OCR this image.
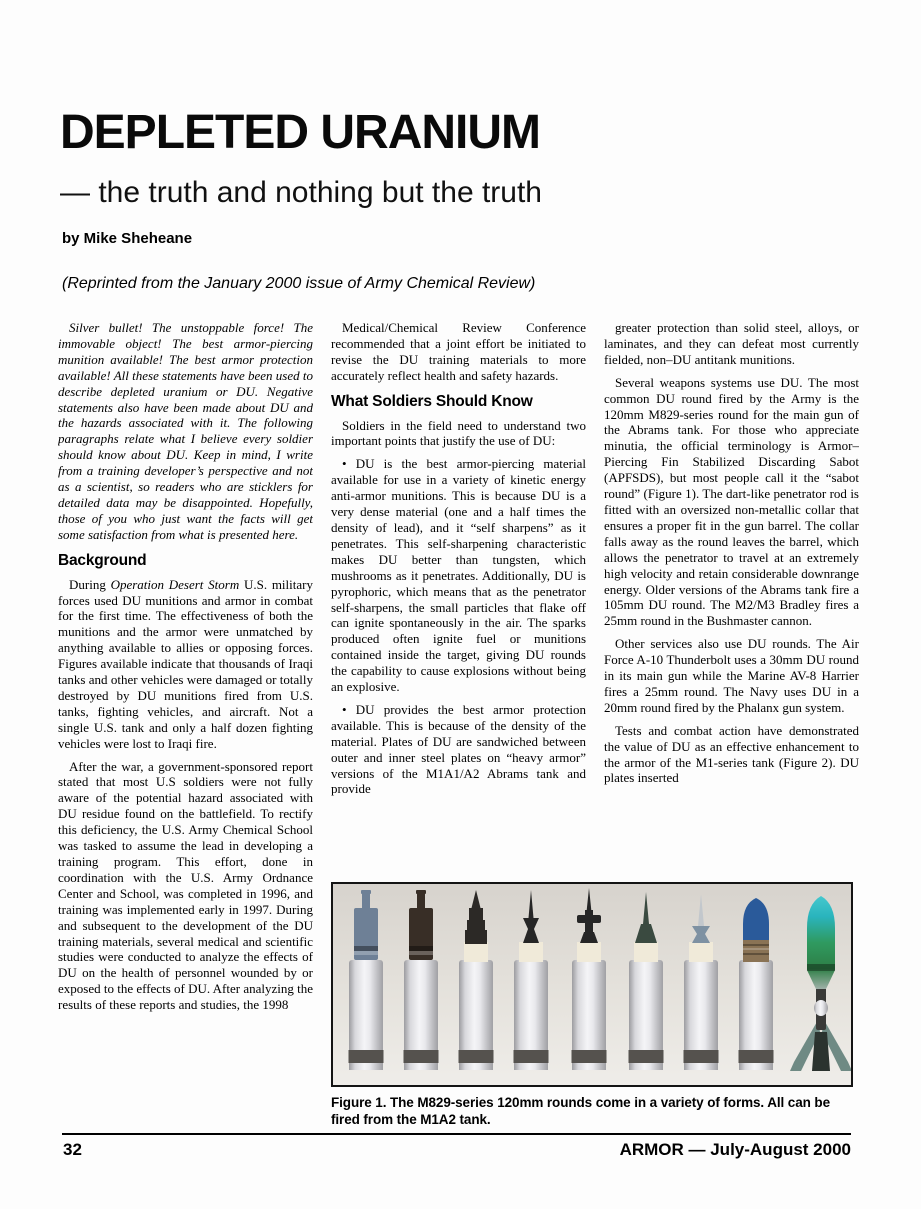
DEPLETED URANIUM
— the truth and nothing but the truth
by Mike Sheheane
(Reprinted from the January 2000 issue of Army Chemical Review)

Silver bullet! The unstoppable force! The immovable object! The best armor-piercing munition available! The best armor protection available! All these statements have been used to describe depleted uranium or DU. Negative statements also have been made about DU and the hazards associated with it. The following paragraphs relate what I believe every soldier should know about DU. Keep in mind, I write from a training developer’s perspective and not as a scientist, so readers who are sticklers for detailed data may be disappointed. Hopefully, those of you who just want the facts will get some satisfaction from what is presented here.

Background

During Operation Desert Storm U.S. military forces used DU munitions and armor in combat for the first time. The effectiveness of both the munitions and the armor were unmatched by anything available to allies or opposing forces. Figures available indicate that thousands of Iraqi tanks and other vehicles were damaged or totally destroyed by DU munitions fired from U.S. tanks, fighting vehicles, and aircraft. Not a single U.S. tank and only a half dozen fighting vehicles were lost to Iraqi fire.

After the war, a government-sponsored report stated that most U.S soldiers were not fully aware of the potential hazard associated with DU residue found on the battlefield. To rectify this deficiency, the U.S. Army Chemical School was tasked to assume the lead in developing a training program. This effort, done in coordination with the U.S. Army Ordnance Center and School, was completed in 1996, and training was implemented early in 1997. During and subsequent to the development of the DU training materials, several medical and scientific studies were conducted to analyze the effects of DU on the health of personnel wounded by or exposed to the effects of DU. After analyzing the results of these reports and studies, the 1998

Medical/Chemical Review Conference recommended that a joint effort be initiated to revise the DU training materials to more accurately reflect health and safety hazards.

What Soldiers Should Know

Soldiers in the field need to understand two important points that justify the use of DU:

• DU is the best armor-piercing material available for use in a variety of kinetic energy anti-armor munitions. This is because DU is a very dense material (one and a half times the density of lead), and it “self sharpens” as it penetrates. This self-sharpening characteristic makes DU better than tungsten, which mushrooms as it penetrates. Additionally, DU is pyrophoric, which means that as the penetrator self-sharpens, the small particles that flake off can ignite spontaneously in the air. The sparks produced often ignite fuel or munitions contained inside the target, giving DU rounds the capability to cause explosions without being an explosive.

• DU provides the best armor protection available. This is because of the density of the material. Plates of DU are sandwiched between outer and inner steel plates on “heavy armor” versions of the M1A1/A2 Abrams tank and provide

greater protection than solid steel, alloys, or laminates, and they can defeat most currently fielded, non–DU antitank munitions.

Several weapons systems use DU. The most common DU round fired by the Army is the 120mm M829-series round for the main gun of the Abrams tank. For those who appreciate minutia, the official terminology is Armor–Piercing Fin Stabilized Discarding Sabot (APFSDS), but most people call it the “sabot round” (Figure 1). The dart-like penetrator rod is fitted with an oversized non-metallic collar that ensures a proper fit in the gun barrel. The collar falls away as the round leaves the barrel, which allows the penetrator to travel at an extremely high velocity and retain considerable downrange energy. Older versions of the Abrams tank fire a 105mm DU round. The M2/M3 Bradley fires a 25mm round in the Bushmaster cannon.

Other services also use DU rounds. The Air Force A-10 Thunderbolt uses a 30mm DU round in its main gun while the Marine AV-8 Harrier fires a 25mm round. The Navy uses DU in a 20mm round fired by the Phalanx gun system.

Tests and combat action have demonstrated the value of DU as an effective enhancement to the armor of the M1-series tank (Figure 2). DU plates inserted

Figure 1. The M829-series 120mm rounds come in a variety of forms. All can be fired from the M1A2 tank.
32	ARMOR — July-August 2000
